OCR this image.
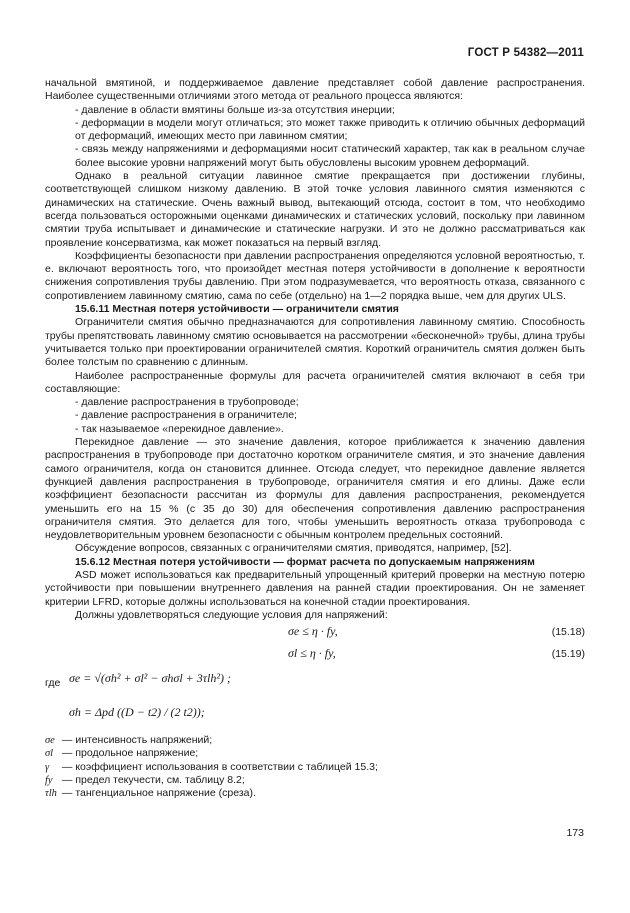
ГОСТ Р 54382—2011

начальной вмятиной, и поддерживаемое давление представляет собой давление распространения. Наиболее существенными отличиями этого метода от реального процесса являются:

- давление в области вмятины больше из-за отсутствия инерции;

- деформации в модели могут отличаться; это может также приводить к отличию обычных деформаций от деформаций, имеющих место при лавинном смятии;

- связь между напряжениями и деформациями носит статический характер, так как в реальном случае более высокие уровни напряжений могут быть обусловлены высоким уровнем деформаций.

Однако в реальной ситуации лавинное смятие прекращается при достижении глубины, соответствующей слишком низкому давлению. В этой точке условия лавинного смятия изменяются с динамических на статические. Очень важный вывод, вытекающий отсюда, состоит в том, что необходимо всегда пользоваться осторожными оценками динамических и статических условий, поскольку при лавинном смятии труба испытывает и динамические и статические нагрузки. И это не должно рассматриваться как проявление консерватизма, как может показаться на первый взгляд.

Коэффициенты безопасности при давлении распространения определяются условной вероятностью, т. е. включают вероятность того, что произойдет местная потеря устойчивости в дополнение к вероятности снижения сопротивления трубы давлению. При этом подразумевается, что вероятность отказа, связанного с сопротивлением лавинному смятию, сама по себе (отдельно) на 1—2 порядка выше, чем для других ULS.

15.6.11 Местная потеря устойчивости — ограничители смятия

Ограничители смятия обычно предназначаются для сопротивления лавинному смятию. Способность трубы препятствовать лавинному смятию основывается на рассмотрении «бесконечной» трубы, длина трубы учитывается только при проектировании ограничителей смятия. Короткий ограничитель смятия должен быть более толстым по сравнению с длинным.

Наиболее распространенные формулы для расчета ограничителей смятия включают в себя три составляющие:

- давление распространения в трубопроводе;

- давление распространения в ограничителе;

- так называемое «перекидное давление».

Перекидное давление — это значение давления, которое приближается к значению давления распространения в трубопроводе при достаточно коротком ограничителе смятия, и это значение давления самого ограничителя, когда он становится длиннее. Отсюда следует, что перекидное давление является функцией давления распространения в трубопроводе, ограничителя смятия и его длины. Даже если коэффициент безопасности рассчитан из формулы для давления распространения, рекомендуется уменьшить его на 15 % (с 35 до 30) для обеспечения сопротивления давлению распространения ограничителя смятия. Это делается для того, чтобы уменьшить вероятность отказа трубопровода с неудовлетворительным уровнем безопасности с обычным контролем предельных состояний.

Обсуждение вопросов, связанных с ограничителями смятия, приводятся, например, [52].

15.6.12 Местная потеря устойчивости — формат расчета по допускаемым напряжениям

ASD может использоваться как предварительный упрощенный критерий проверки на местную потерю устойчивости при повышении внутреннего давления на ранней стадии проектирования. Он не заменяет критерии LFRD, которые должны использоваться на конечной стадии проектирования.

Должны удовлетворяться следующие условия для напряжений:

σe ≤ η · fy,	(15.18)
σl ≤ η · fy,	(15.19)
где σe = √(σh² + σl² − σhσl + 3τlh²) ;
σh = Δpd ((D − t2) / (2 t2));

σe — интенсивность напряжений;

σl — продольное напряжение;

γ — коэффициент использования в соответствии с таблицей 15.3;

fy — предел текучести, см. таблицу 8.2;

τlh — тангенциальное напряжение (среза).

173
